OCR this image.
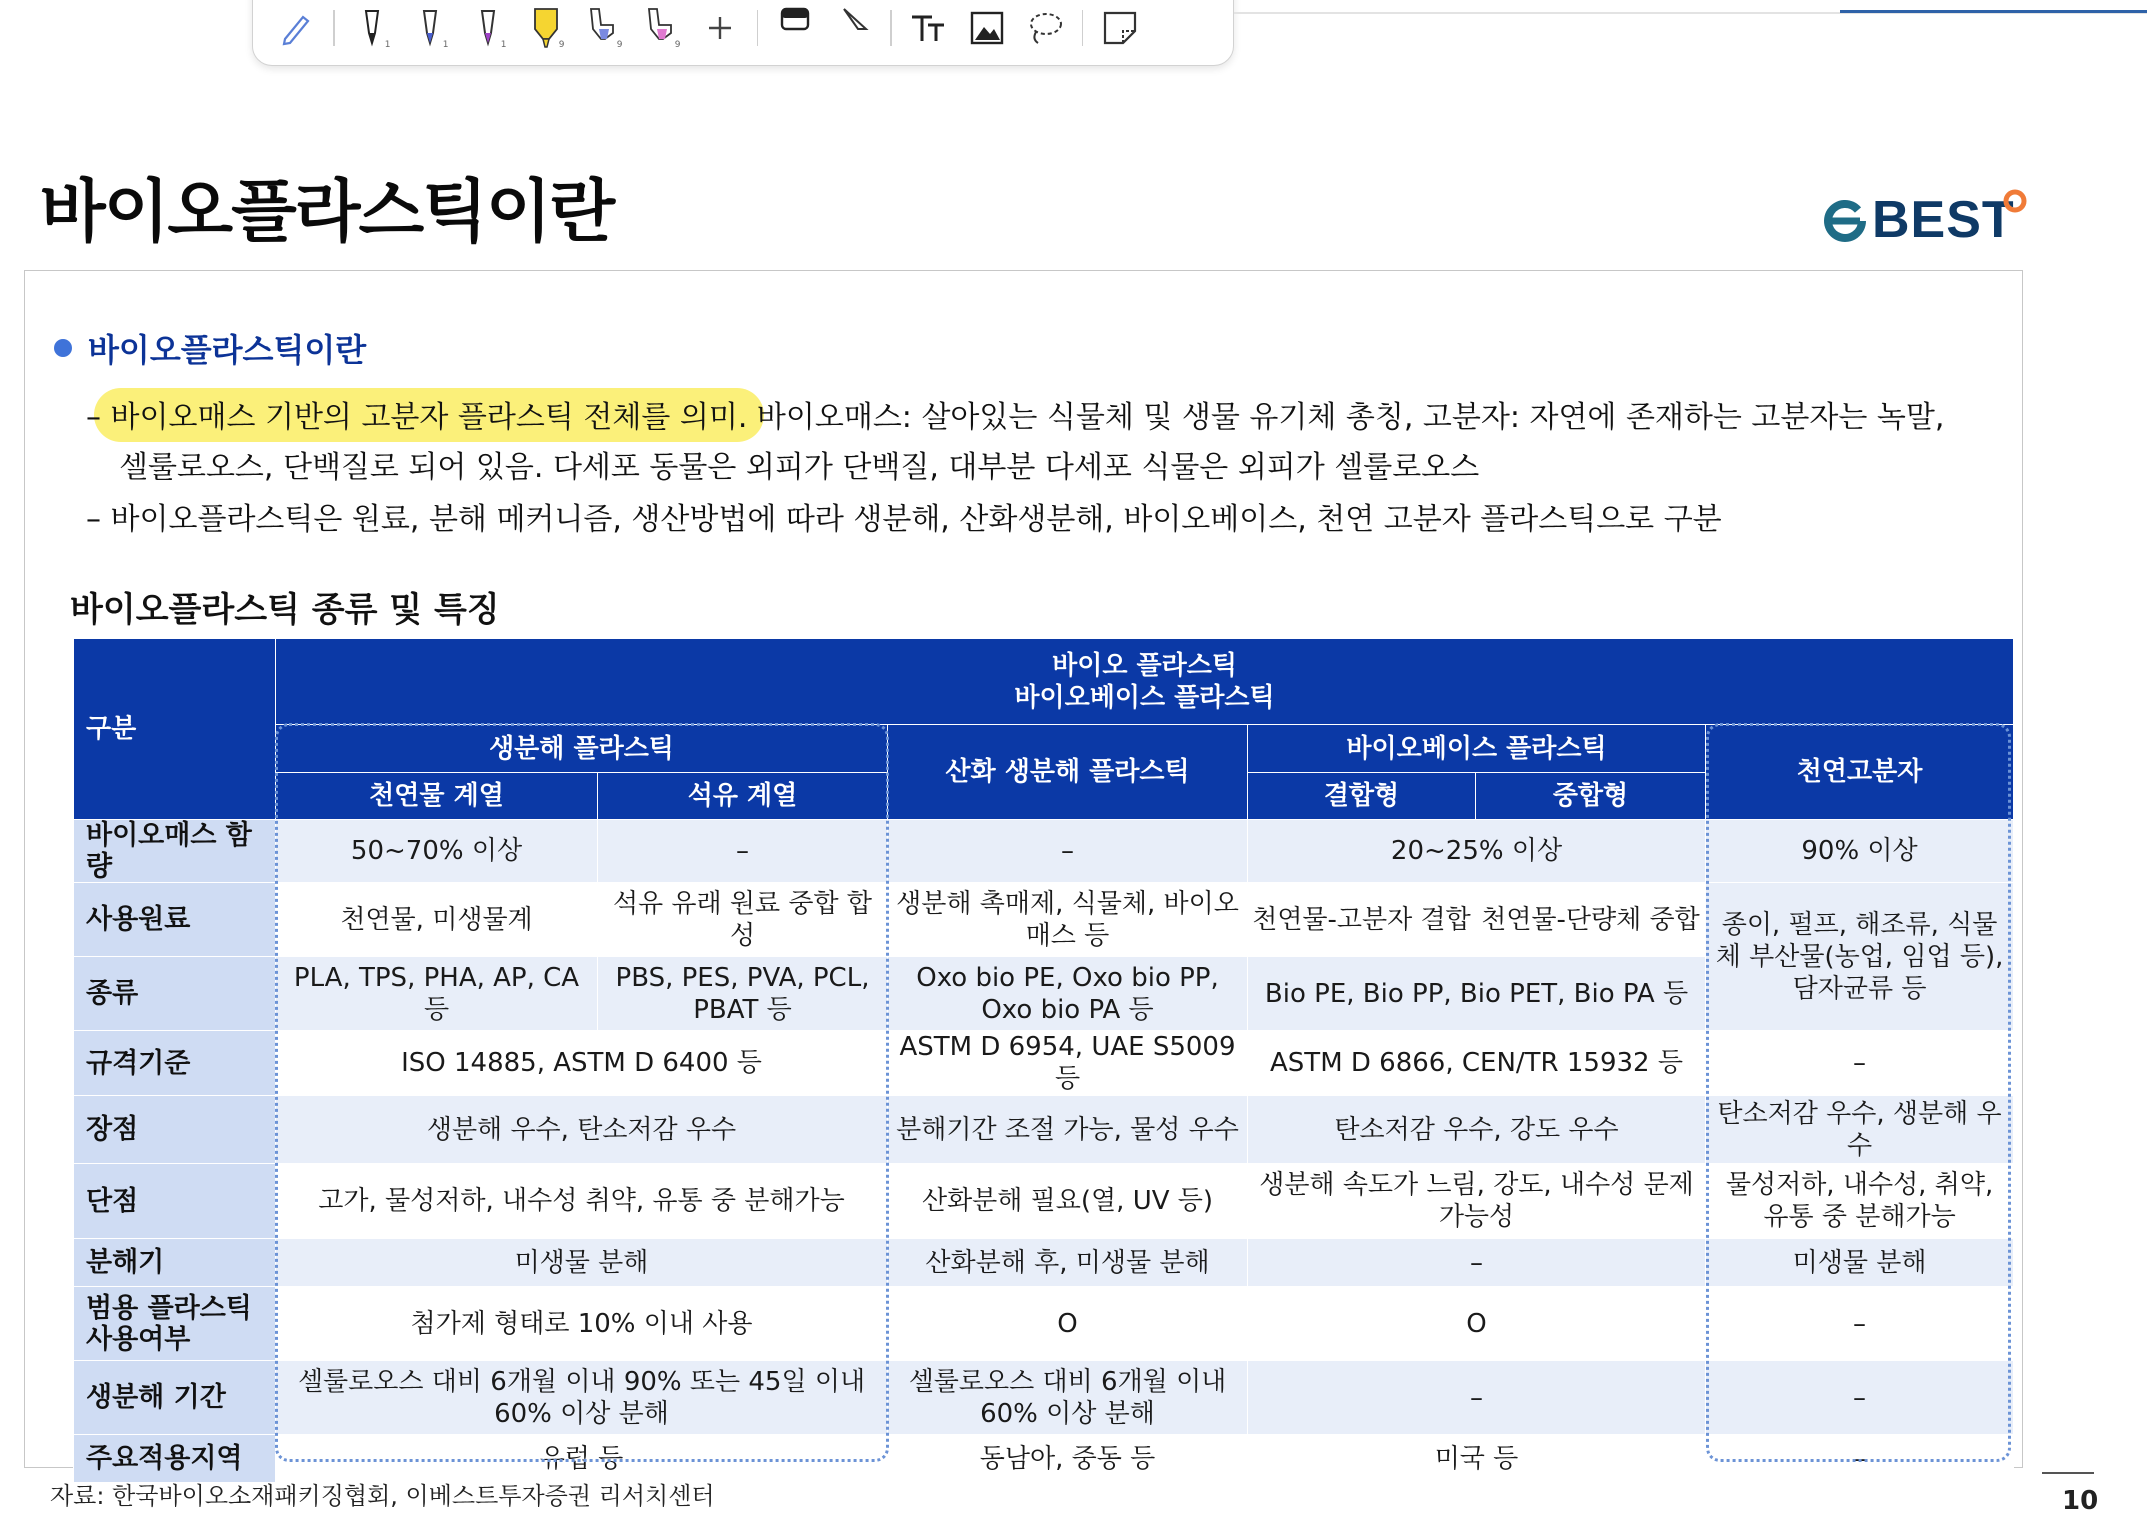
1	1	1	9	9	9
바이오플라스틱이란	BEST
바이오플라스틱이란
– 바이오매스 기반의 고분자 플라스틱 전체를 의미. 바이오매스: 살아있는 식물체 및 생물 유기체 총칭, 고분자: 자연에 존재하는 고분자는 녹말,
셀룰로오스, 단백질로 되어 있음. 다세포 동물은 외피가 단백질, 대부분 다세포 식물은 외피가 셀룰로오스
– 바이오플라스틱은 원료, 분해 메커니즘, 생산방법에 따라 생분해, 산화생분해, 바이오베이스, 천연 고분자 플라스틱으로 구분
바이오플라스틱 종류 및 특징
구분	바이오 플라스틱
바이오베이스 플라스틱					
	생분해 플라스틱		산화 생분해 플라스틱	바이오베이스 플라스틱		천연고분자
	천연물 계열	석유 계열		결합형	중합형	
바이오매스 함량	50~70% 이상	–	–	20~25% 이상		90% 이상
사용원료	천연물, 미생물계	석유 유래 원료 중합 합성	생분해 촉매제, 식물체, 바이오매스 등	천연물-고분자 결합	천연물-단량체 중합	종이, 펄프, 해조류, 식물체 부산물(농업, 임업 등), 담자균류 등
종류	PLA, TPS, PHA, AP, CA 등	PBS, PES, PVA, PCL, PBAT 등	Oxo bio PE, Oxo bio PP, Oxo bio PA 등	Bio PE, Bio PP, Bio PET, Bio PA 등		
규격기준	ISO 14885, ASTM D 6400 등		ASTM D 6954, UAE S5009 등	ASTM D 6866, CEN/TR 15932 등		–
장점	생분해 우수, 탄소저감 우수		분해기간 조절 가능, 물성 우수	탄소저감 우수, 강도 우수		탄소저감 우수, 생분해 우수
단점	고가, 물성저하, 내수성 취약, 유통 중 분해가능		산화분해 필요(열, UV 등)	생분해 속도가 느림, 강도, 내수성 문제 가능성		물성저하, 내수성, 취약, 유통 중 분해가능
분해기	미생물 분해		산화분해 후, 미생물 분해	–		미생물 분해
범용 플라스틱 사용여부	첨가제 형태로 10% 이내 사용		O	O		–
생분해 기간	셀룰로오스 대비 6개월 이내 90% 또는 45일 이내 60% 이상 분해		셀룰로오스 대비 6개월 이내 60% 이상 분해	–		–
주요적용지역	유럽 등		동남아, 중동 등	미국 등		–
자료: 한국바이오소재패키징협회, 이베스트투자증권 리서치센터	10
